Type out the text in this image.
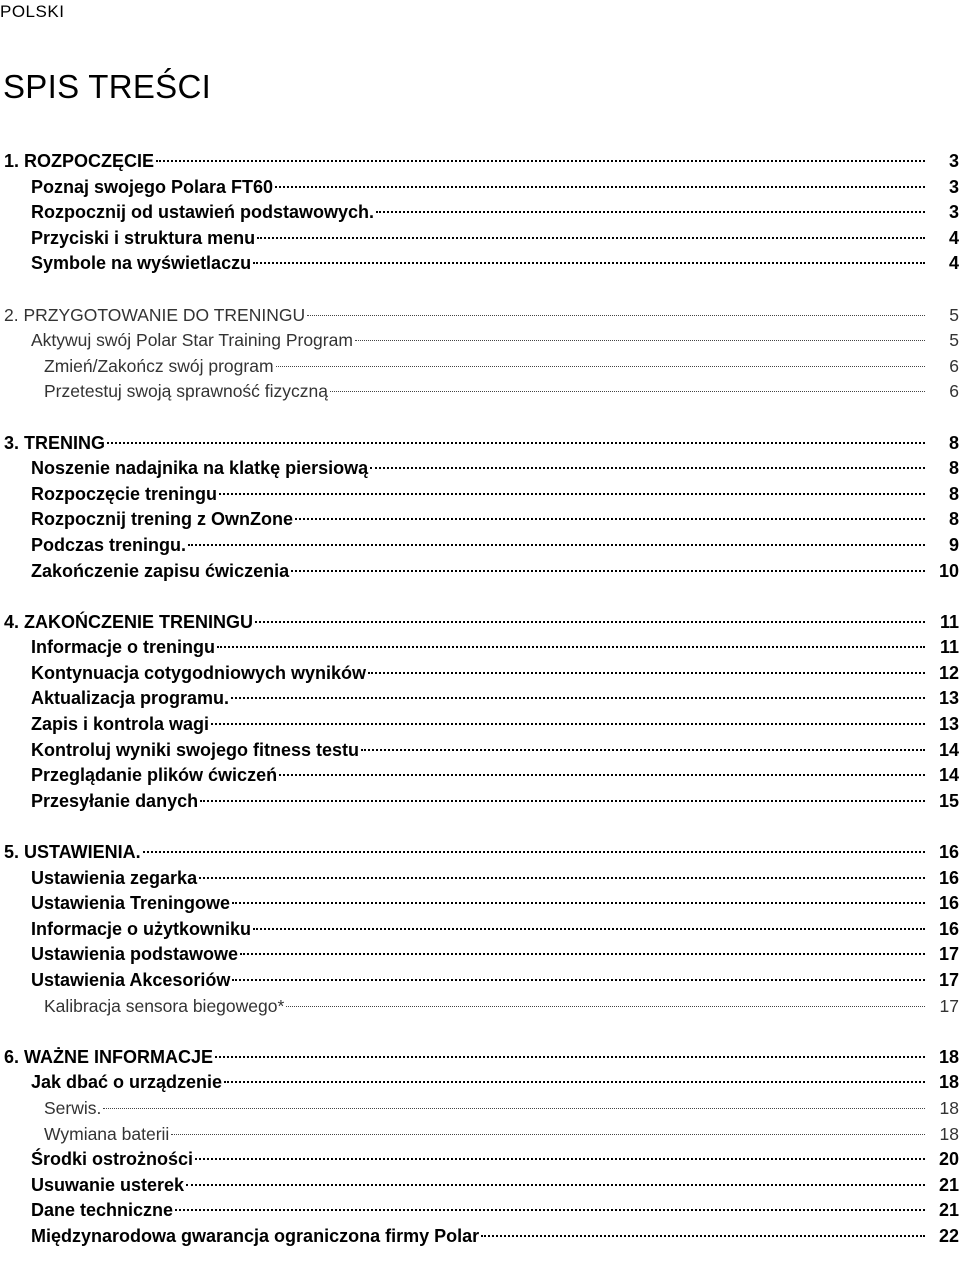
POLSKI
SPIS TREŚCI
1. ROZPOCZĘCIE	3
Poznaj swojego Polara FT60	3
Rozpocznij od ustawień podstawowych.	3
Przyciski i struktura menu	4
Symbole na wyświetlaczu	4
2. PRZYGOTOWANIE DO TRENINGU	5
Aktywuj swój Polar Star Training Program	5
Zmień/Zakończ swój program	6
Przetestuj swoją sprawność fizyczną	6
3. TRENING	8
Noszenie nadajnika na klatkę piersiową	8
Rozpoczęcie treningu	8
Rozpocznij trening z OwnZone	8
Podczas treningu.	9
Zakończenie zapisu ćwiczenia	10
4. ZAKOŃCZENIE TRENINGU	11
Informacje o treningu	11
Kontynuacja cotygodniowych wyników	12
Aktualizacja programu.	13
Zapis i kontrola wagi	13
Kontroluj wyniki swojego fitness testu	14
Przeglądanie plików ćwiczeń	14
Przesyłanie danych	15
5. USTAWIENIA.	16
Ustawienia zegarka	16
Ustawienia Treningowe	16
Informacje o użytkowniku	16
Ustawienia podstawowe	17
Ustawienia Akcesoriów	17
Kalibracja sensora biegowego*	17
6. WAŻNE INFORMACJE	18
Jak dbać o urządzenie	18
Serwis.	18
Wymiana baterii	18
Środki ostrożności	20
Usuwanie usterek	21
Dane techniczne	21
Międzynarodowa gwarancja ograniczona firmy Polar	22
